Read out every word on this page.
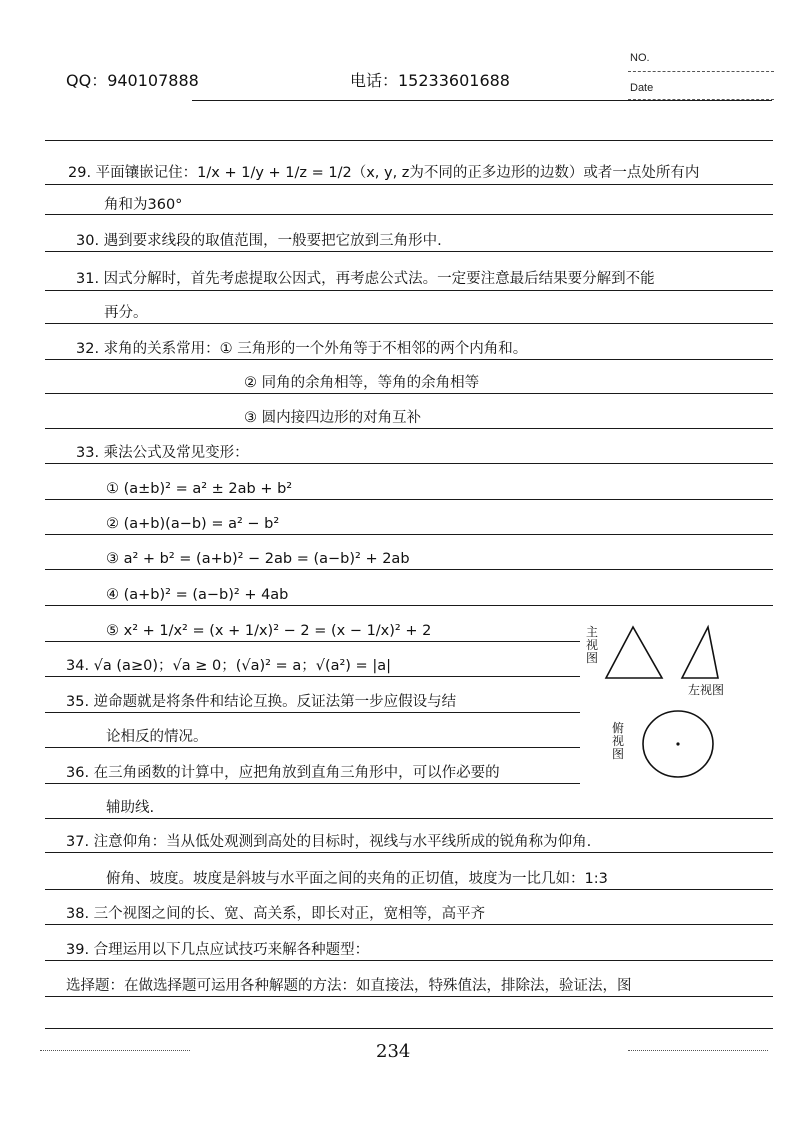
QQ：940107888	电话：15233601688
NO.
Date
29. 平面镶嵌记住：1/x + 1/y + 1/z = 1/2（x, y, z为不同的正多边形的边数）或者一点处所有内
角和为360°
30. 遇到要求线段的取值范围，一般要把它放到三角形中.
31. 因式分解时，首先考虑提取公因式，再考虑公式法。一定要注意最后结果要分解到不能
再分。
32. 求角的关系常用：① 三角形的一个外角等于不相邻的两个内角和。
② 同角的余角相等，等角的余角相等
③ 圆内接四边形的对角互补
33. 乘法公式及常见变形：
① (a±b)² = a² ± 2ab + b²
② (a+b)(a−b) = a² − b²
③ a² + b² = (a+b)² − 2ab = (a−b)² + 2ab
④ (a+b)² = (a−b)² + 4ab
⑤ x² + 1/x² = (x + 1/x)² − 2 = (x − 1/x)² + 2
34. √a (a≥0)；√a ≥ 0；(√a)² = a；√(a²) = |a|
35. 逆命题就是将条件和结论互换。反证法第一步应假设与结
论相反的情况。
36. 在三角函数的计算中，应把角放到直角三角形中，可以作必要的
辅助线.
37. 注意仰角：当从低处观测到高处的目标时，视线与水平线所成的锐角称为仰角.
俯角、坡度。坡度是斜坡与水平面之间的夹角的正切值，坡度为一比几如：1:3
38. 三个视图之间的长、宽、高关系，即长对正，宽相等，高平齐
39. 合理运用以下几点应试技巧来解各种题型：
选择题：在做选择题可运用各种解题的方法：如直接法，特殊值法，排除法，验证法，图
主视图
左视图
俯视图
234
